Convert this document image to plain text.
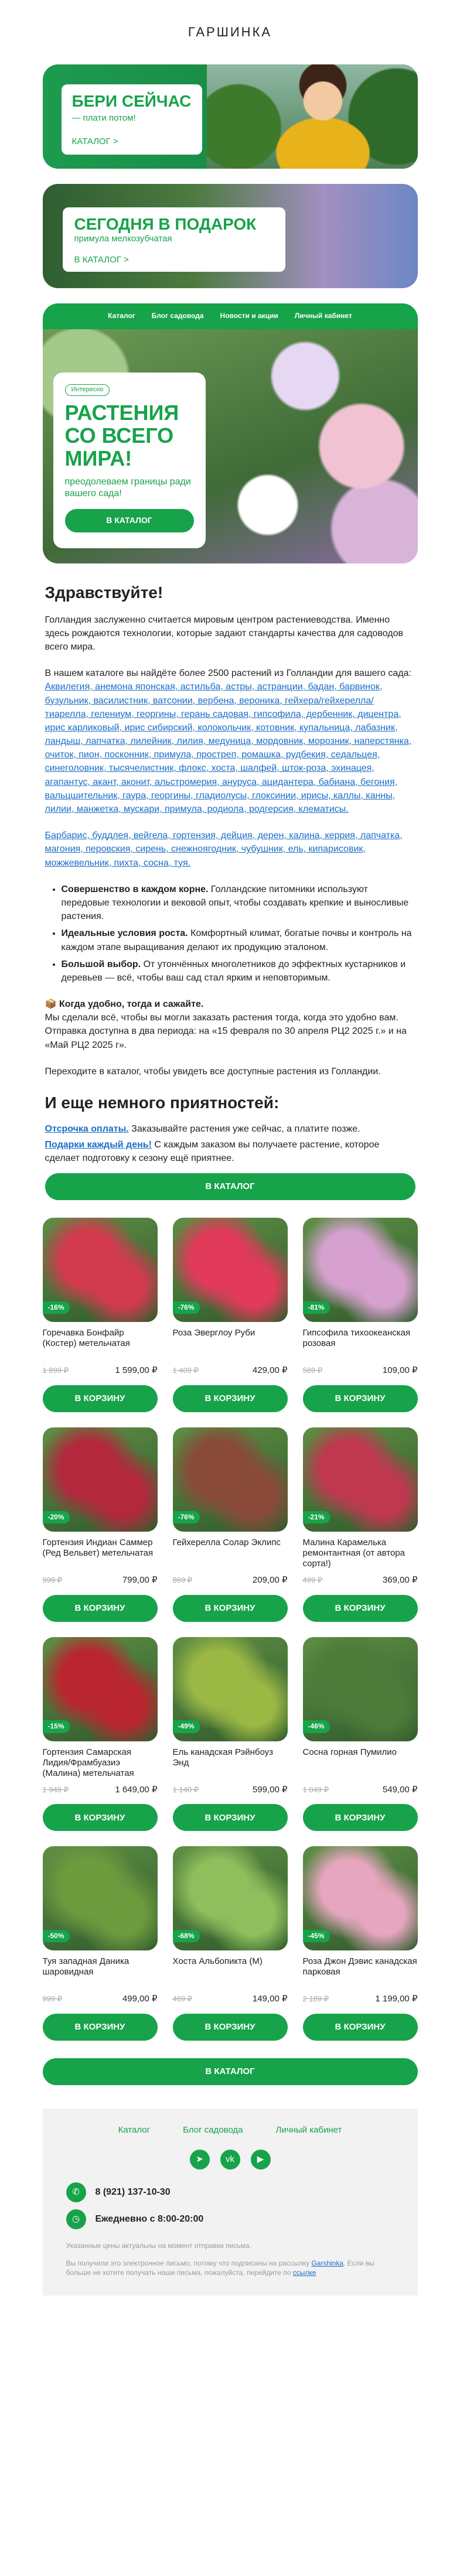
ГАРШИНКА
БЕРИ СЕЙЧАС
— плати потом!
КАТАЛОГ >
СЕГОДНЯ В ПОДАРОК
примула мелкозубчатая
В КАТАЛОГ >
Каталог Блог садовода Новости и акции Личный кабинет
Интересно
РАСТЕНИЯ СО ВСЕГО МИРА!
преодолеваем границы ради вашего сада!
В КАТАЛОГ
Здравствуйте!

Голландия заслуженно считается мировым центром растениеводства. Именно здесь рождаются технологии, которые задают стандарты качества для садоводов всего мира.

В нашем каталоге вы найдёте более 2500 растений из Голландии для вашего сада: Аквилегия, анемона японская, астильба, астры, астранции, бадан, барвинок, бузульник, василистник, ватсонии, вербена, вероника, гейхера/гейхерелла/тиарелла, гелениум, георгины, герань садовая, гипсофила, дербенник, дицентра, ирис карликовый, ирис сибирский, колокольчик, котовник, купальница, лабазник, ландыш, лапчатка, лилейник, лилия, медуница, мордовник, морозник, наперстянка, очиток, пион, посконник, примула, простреп, ромашка, рудбекия, седальцея, синеголовник, тысячелистник, флокс, хоста, шалфей, шток-роза, эхинацея, агапантус, акант, аконит, альстромерия, ануруса, ацидантера, бабиана, бегония, вальцшительник, гаура, георгины, гладиолусы, глоксинии, ирисы, каллы, канны, лилии, манжетка, мускари, примула, родиола, родгерсия, клематисы.

Барбарис, буддлея, вейгела, гортензия, дейция, дерен, калина, керрия, лапчатка, магония, перовския, сирень, снежноягодник, чубушник, ель, кипарисовик, можжевельник, пихта, сосна, туя.

• Совершенство в каждом корне. Голландские питомники используют передовые технологии и вековой опыт, чтобы создавать крепкие и выносливые растения.
• Идеальные условия роста. Комфортный климат, богатые почвы и контроль на каждом этапе выращивания делают их продукцию эталоном.
• Большой выбор. От утончённых многолетников до эффектных кустарников и деревьев — всё, чтобы ваш сад стал ярким и неповторимым.

📦 Когда удобно, тогда и сажайте.
Мы сделали всё, чтобы вы могли заказать растения тогда, когда это удобно вам. Отправка доступна в два периода: на «15 февраля по 30 апреля РЦ2 2025 г.» и на «Май РЦ2 2025 г».

Переходите в каталог, чтобы увидеть все доступные растения из Голландии.

И еще немного приятностей:
Отсрочка оплаты. Заказывайте растения уже сейчас, а платите позже.
Подарки каждый день! С каждым заказом вы получаете растение, которое сделает подготовку к сезону ещё приятнее.
В КАТАЛОГ
-16%
Горечавка Бонфайр (Костер) метельчатая
1 899 ₽	1 599,00 ₽
В КОРЗИНУ
-76%
Роза Эверглоу Руби
1 409 ₽	429,00 ₽
В КОРЗИНУ
-81%
Гипсофила тихоокеанская розовая
589 ₽	109,00 ₽
В КОРЗИНУ
-20%
Гортензия Индиан Саммер (Ред Вельвет) метельчатая
999 ₽	799,00 ₽
В КОРЗИНУ
-76%
Гейхерелла Солар Эклипс
869 ₽	209,00 ₽
В КОРЗИНУ
-21%
Малина Карамелька ремонтантная (от автора сорта!)
499 ₽	369,00 ₽
В КОРЗИНУ
-15%
Гортензия Самарская Лидия/Фрамбуазиэ (Малина) метельчатая
1 949 ₽	1 649,00 ₽
В КОРЗИНУ
-49%
Ель канадская Рэйнбоуз Энд
1 140 ₽	599,00 ₽
В КОРЗИНУ
-46%
Сосна горная Пумилио
1 049 ₽	549,00 ₽
В КОРЗИНУ
-50%
Туя западная Даника шаровидная
999 ₽	499,00 ₽
В КОРЗИНУ
-68%
Хоста Альбопикта (М)
469 ₽	149,00 ₽
В КОРЗИНУ
-45%
Роза Джон Дэвис канадская парковая
2 189 ₽	1 199,00 ₽
В КОРЗИНУ
В КАТАЛОГ
Каталог	Блог садовода	Личный кабинет
➤	vk	▶
✆	8 (921) 137-10-30
◷	Ежедневно с 8:00-20:00
Указанные цены актуальны на момент отправки письма.
Вы получили это электронное письмо, потому что подписаны на рассылку Garshinka. Если вы больше не хотите получать наши письма, пожалуйста, перейдите по ссылке
